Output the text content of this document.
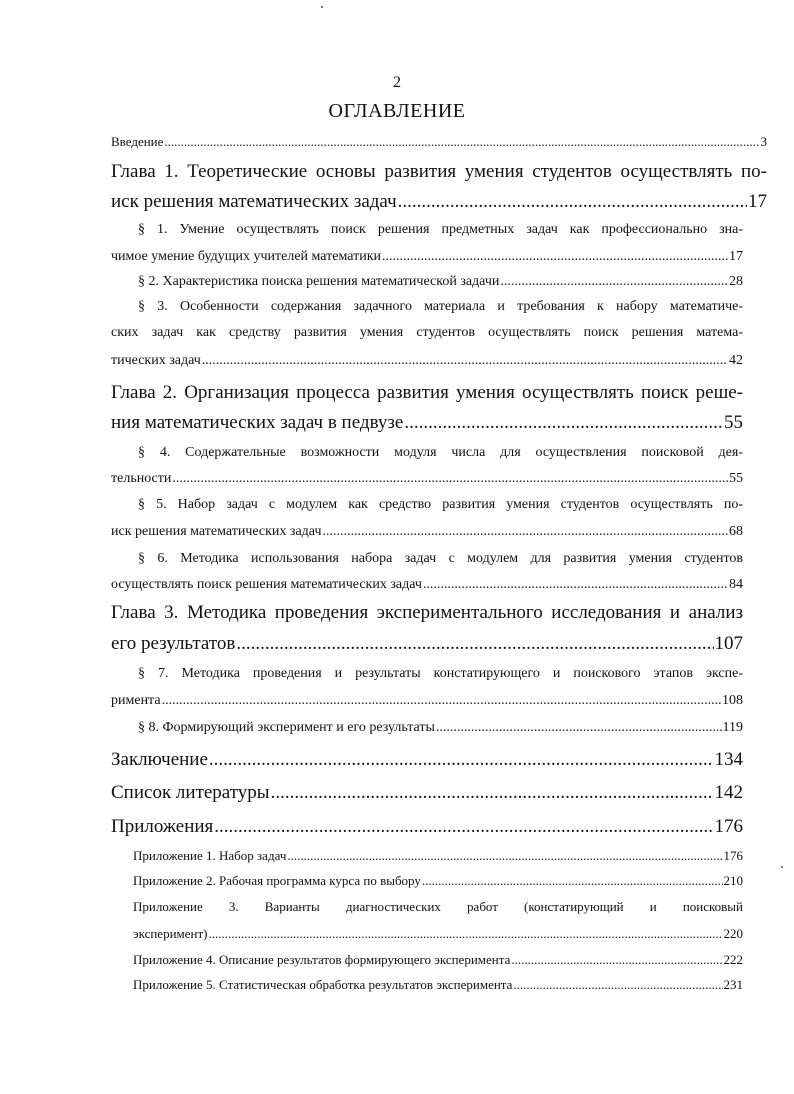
2
ОГЛАВЛЕНИЕ
Введение .....	3
Глава 1. Теоретические основы развития умения студентов осуществлять по-
иск решения математических задач .....	17
§ 1. Умение осуществлять поиск решения предметных задач как профессионально зна-
чимое умение будущих учителей математики .....	17
§ 2. Характеристика поиска решения математической задачи .....	28
§ 3. Особенности содержания задачного материала и требования к набору математиче-
ских задач как средству развития умения студентов осуществлять поиск решения матема-
тических задач .....	42
Глава 2. Организация процесса развития умения осуществлять поиск реше-
ния математических задач в педвузе .....	55
§ 4. Содержательные возможности модуля числа для осуществления поисковой дея-
тельности .....	55
§ 5. Набор задач с модулем как средство развития умения студентов осуществлять по-
иск решения математических задач .....	68
§ 6. Методика использования набора задач с модулем для развития умения студентов
осуществлять поиск решения математических задач .....	84
Глава 3. Методика проведения экспериментального исследования и анализ
его результатов .....	107
§ 7. Методика проведения и результаты констатирующего и поискового этапов экспе-
римента .....	108
§ 8. Формирующий эксперимент и его результаты .....	119
Заключение .....	134
Список литературы .....	142
Приложения .....	176
Приложение 1. Набор задач .....	176
Приложение 2. Рабочая программа курса по выбору .....	210
Приложение 3. Варианты диагностических работ (констатирующий и поисковый
эксперимент) .....	220
Приложение 4. Описание результатов формирующего эксперимента .....	222
Приложение 5. Статистическая обработка результатов эксперимента .....	231
